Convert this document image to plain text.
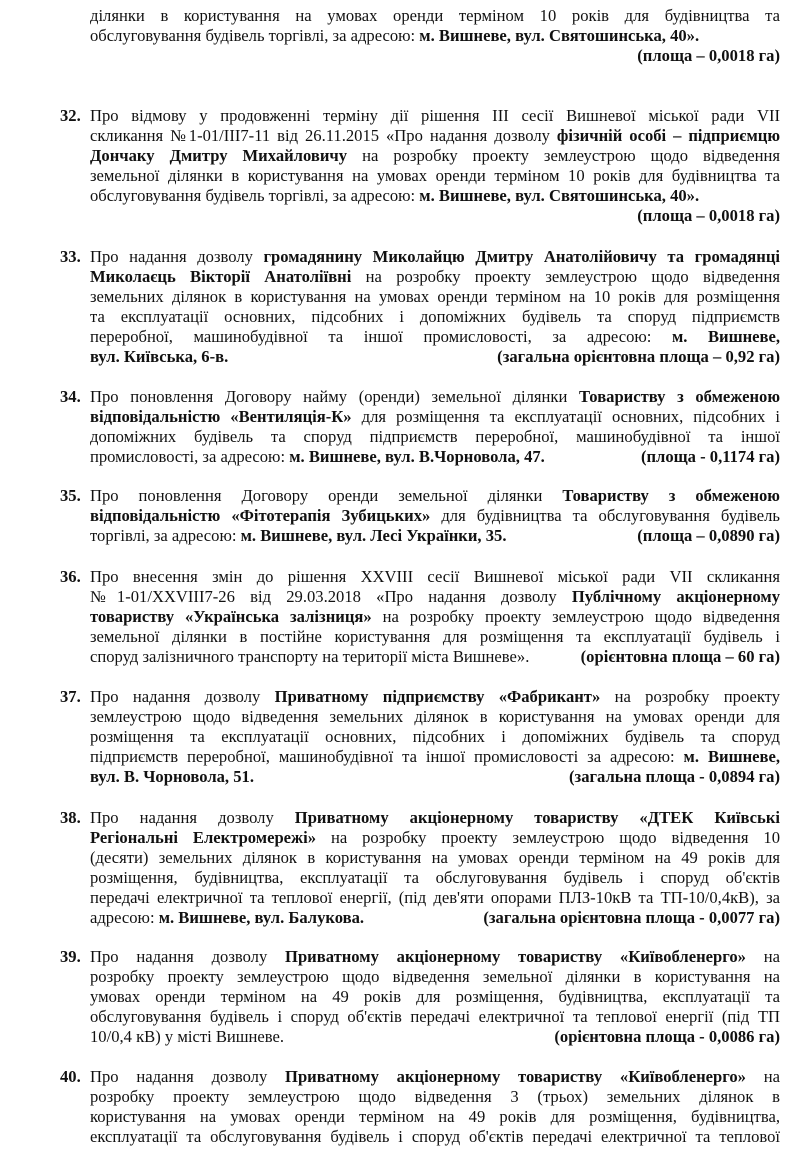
ділянки в користування на умовах оренди терміном 10 років для будівництва та
обслуговування будівель торгівлі, за адресою: м. Вишневе, вул. Святошинська, 40».
(площа – 0,0018 га)
32. Про відмову у продовженні терміну дії рішення ІІІ сесії Вишневої міської ради VII
скликання №1-01/ІІІ7-11 від 26.11.2015 «Про надання дозволу фізичній особі – підприємцю
Дончаку Дмитру Михайловичу на розробку проекту землеустрою щодо відведення
земельної ділянки в користування на умовах оренди терміном 10 років для будівництва та
обслуговування будівель торгівлі, за адресою: м. Вишневе, вул. Святошинська, 40».
(площа – 0,0018 га)
33. Про надання дозволу громадянину Миколайцю Дмитру Анатолійовичу та громадянці
Миколаєць Вікторії Анатоліївні на розробку проекту землеустрою щодо відведення
земельних ділянок в користування на умовах оренди терміном на 10 років для розміщення
та експлуатації основних, підсобних і допоміжних будівель та споруд підприємств
переробної, машинобудівної та іншої промисловості, за адресою: м. Вишневе,
вул. Київська, 6-в.	(загальна орієнтовна площа – 0,92 га)
34. Про поновлення Договору найму (оренди) земельної ділянки Товариству з обмеженою
відповідальністю «Вентиляція-К» для розміщення та експлуатації основних, підсобних і
допоміжних будівель та споруд підприємств переробної, машинобудівної та іншої
промисловості, за адресою: м. Вишневе, вул. В.Чорновола, 47.	(площа - 0,1174 га)
35. Про поновлення Договору оренди земельної ділянки Товариству з обмеженою
відповідальністю «Фітотерапія Зубицьких» для будівництва та обслуговування будівель
торгівлі, за адресою: м. Вишневе, вул. Лесі Українки, 35.	(площа – 0,0890 га)
36. Про внесення змін до рішення XXVIII сесії Вишневої міської ради VII скликання
№1-01/XXVIII7-26 від 29.03.2018 «Про надання дозволу Публічному акціонерному
товариству «Українська залізниця» на розробку проекту землеустрою щодо відведення
земельної ділянки в постійне користування для розміщення та експлуатації будівель і
споруд залізничного транспорту на території міста Вишневе».	(орієнтовна площа – 60 га)
37. Про надання дозволу Приватному підприємству «Фабрикант» на розробку проекту
землеустрою щодо відведення земельних ділянок в користування на умовах оренди для
розміщення та експлуатації основних, підсобних і допоміжних будівель та споруд
підприємств переробної, машинобудівної та іншої промисловості за адресою: м. Вишневе,
вул. В. Чорновола, 51.	(загальна площа - 0,0894 га)
38. Про надання дозволу Приватному акціонерному товариству «ДТЕК Київські
Регіональні Електромережі» на розробку проекту землеустрою щодо відведення 10
(десяти) земельних ділянок в користування на умовах оренди терміном на 49 років для
розміщення, будівництва, експлуатації та обслуговування будівель і споруд об'єктів
передачі електричної та теплової енергії, (під дев'яти опорами ПЛЗ-10кВ та ТП-10/0,4кВ), за
адресою: м. Вишневе, вул. Балукова.	(загальна орієнтовна площа - 0,0077 га)
39. Про надання дозволу Приватному акціонерному товариству «Київобленерго» на
розробку проекту землеустрою щодо відведення земельної ділянки в користування на
умовах оренди терміном на 49 років для розміщення, будівництва, експлуатації та
обслуговування будівель і споруд об'єктів передачі електричної та теплової енергії (під ТП
10/0,4 кВ) у місті Вишневе.	(орієнтовна площа - 0,0086 га)
40. Про надання дозволу Приватному акціонерному товариству «Київобленерго» на
розробку проекту землеустрою щодо відведення 3 (трьох) земельних ділянок в
користування на умовах оренди терміном на 49 років для розміщення, будівництва,
експлуатації та обслуговування будівель і споруд об'єктів передачі електричної та теплової
